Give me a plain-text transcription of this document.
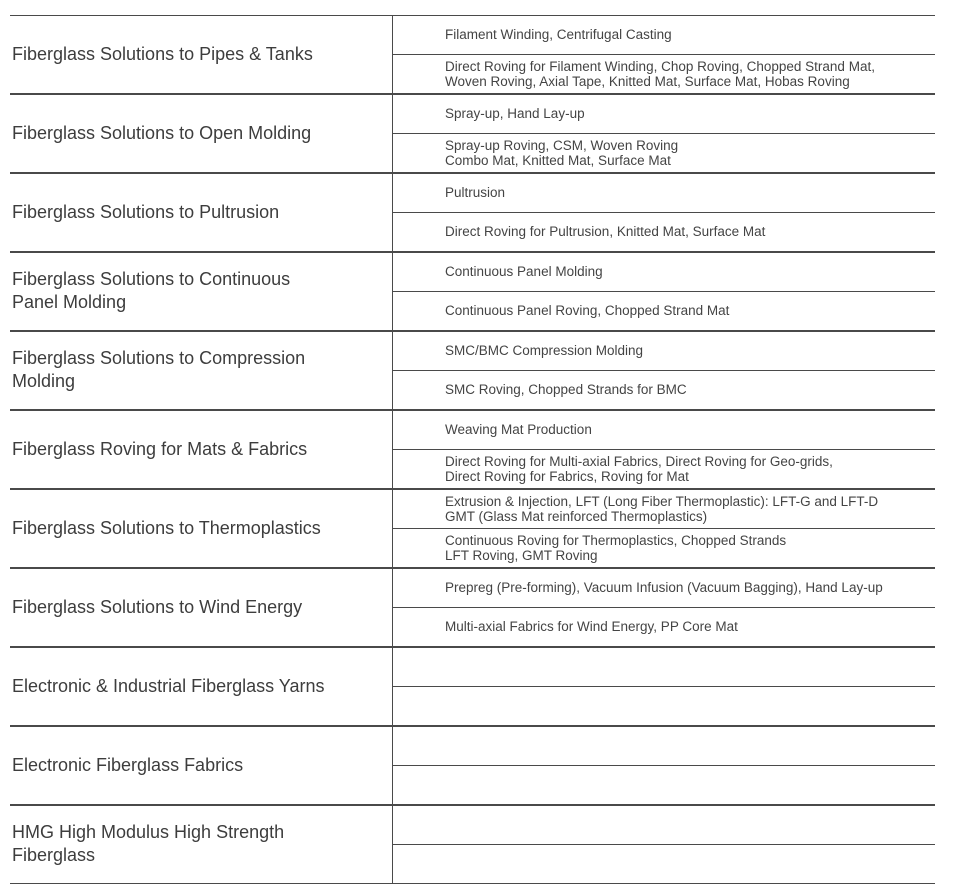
Fiberglass Solutions to Pipes & Tanks
Filament Winding, Centrifugal Casting
Direct Roving for Filament Winding, Chop Roving, Chopped Strand Mat,
Woven Roving, Axial Tape, Knitted Mat, Surface Mat, Hobas Roving
Fiberglass Solutions to Open Molding
Spray-up, Hand Lay-up
Spray-up Roving, CSM, Woven Roving
Combo Mat, Knitted Mat, Surface Mat
Fiberglass Solutions to Pultrusion
Pultrusion
Direct Roving for Pultrusion, Knitted Mat, Surface Mat
Fiberglass Solutions to Continuous
Panel Molding
Continuous Panel Molding
Continuous Panel Roving, Chopped Strand Mat
Fiberglass Solutions to Compression
Molding
SMC/BMC Compression Molding
SMC Roving, Chopped Strands for BMC
Fiberglass Roving for Mats & Fabrics
Weaving Mat Production
Direct Roving for Multi-axial Fabrics, Direct Roving for Geo-grids,
Direct Roving for Fabrics, Roving for Mat
Fiberglass Solutions to Thermoplastics
Extrusion & Injection, LFT (Long Fiber Thermoplastic): LFT-G and LFT-D
GMT (Glass Mat reinforced Thermoplastics)
Continuous Roving for Thermoplastics, Chopped Strands
LFT Roving, GMT Roving
Fiberglass Solutions to Wind Energy
Prepreg (Pre-forming), Vacuum Infusion (Vacuum Bagging), Hand Lay-up
Multi-axial Fabrics for Wind Energy, PP Core Mat
Electronic & Industrial Fiberglass Yarns
Electronic Fiberglass Fabrics
HMG High Modulus High Strength
Fiberglass
